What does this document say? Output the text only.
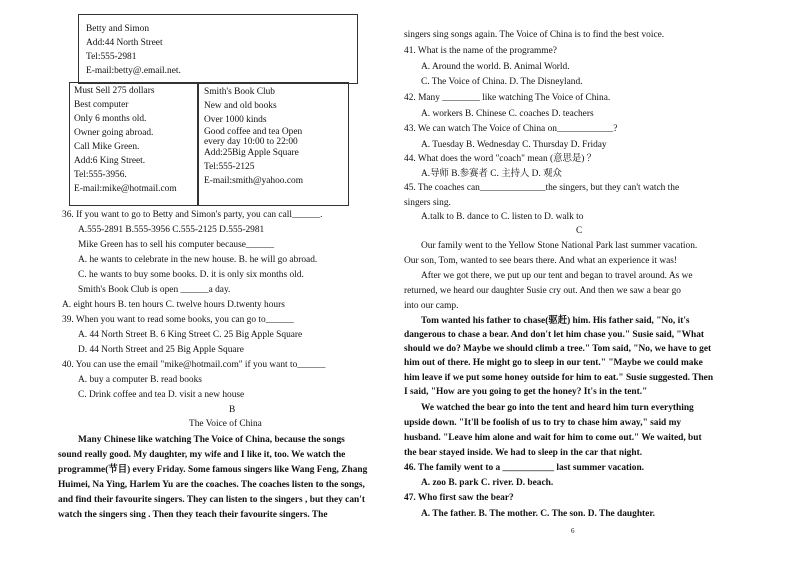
Betty and Simon
Add:44 North Street
Tel:555-2981
E-mail:betty@.email.net.
Must Sell 275 dollars
Best computer
Only 6 months old.
Owner going abroad.
Call Mike Green.
Add:6 King Street.
Tel:555-3956.
E-mail:mike@hotmail.com
Smith's Book Club
New and old books
Over 1000 kinds
Good coffee and tea Open
every day 10:00 to 22:00
Add:25Big Apple Square
Tel:555-2125
E-mail:smith@yahoo.com
36. If you want to go to Betty and Simon's party, you can call______.
A.555-2891 B.555-3956 C.555-2125 D.555-2981
Mike Green has to sell his computer because______
A. he wants to celebrate in the new house. B. he will go abroad.
C. he wants to buy some books. D. it is only six months old.
Smith's Book Club is open ______a day.
A. eight hours B. ten hours C. twelve hours D.twenty hours
39. When you want to read some books, you can go to______
A. 44 North Street B. 6 King Street C. 25 Big Apple Square
D. 44 North Street and 25 Big Apple Square
40. You can use the email "mike@hotmail.com" if you want to______
A. buy a computer B. read books
C. Drink coffee and tea D. visit a new house
B
The Voice of China
Many Chinese like watching The Voice of China, because the songs
sound really good. My daughter, my wife and I like it, too. We watch the
programme(节目) every Friday. Some famous singers like Wang Feng, Zhang
Huimei, Na Ying, Harlem Yu are the coaches. The coaches listen to the songs,
and find their favourite singers. They can listen to the singers , but they can't
watch the singers sing . Then they teach their favourite singers. The
singers sing songs again. The Voice of China is to find the best voice.
41. What is the name of the programme?
A. Around the world. B. Animal World.
C. The Voice of China. D. The Disneyland.
42. Many ________ like watching The Voice of China.
A. workers B. Chinese C. coaches D. teachers
43. We can watch The Voice of China on____________?
A. Tuesday B. Wednesday C. Thursday D. Friday
44. What does the word "coach" mean (意思是) ？
A.导师 B.参赛者 C. 主持人 D. 观众
45. The coaches can______________the singers, but they can't watch the
singers sing.
A.talk to B. dance to C. listen to D. walk to
C
Our family went to the Yellow Stone National Park last summer vacation.
Our son, Tom, wanted to see bears there. And what an experience it was!
After we got there, we put up our tent and began to travel around. As we
returned, we heard our daughter Susie cry out. And then we saw a bear go
into our camp.
Tom wanted his father to chase(驱赶) him. His father said, "No, it's
dangerous to chase a bear. And don't let him chase you." Susie said, "What
should we do? Maybe we should climb a tree." Tom said, "No, we have to get
him out of there. He might go to sleep in our tent." "Maybe we could make
him leave if we put some honey outside for him to eat." Susie suggested. Then
I said, "How are you going to get the honey? It's in the tent."
We watched the bear go into the tent and heard him turn everything
upside down. "It'll be foolish of us to try to chase him away," said my
husband. "Leave him alone and wait for him to come out." We waited, but
the bear stayed inside. We had to sleep in the car that night.
46. The family went to a ___________ last summer vacation.
A. zoo B. park C. river. D. beach.
47. Who first saw the bear?
A. The father. B. The mother. C. The son. D. The daughter.
6
